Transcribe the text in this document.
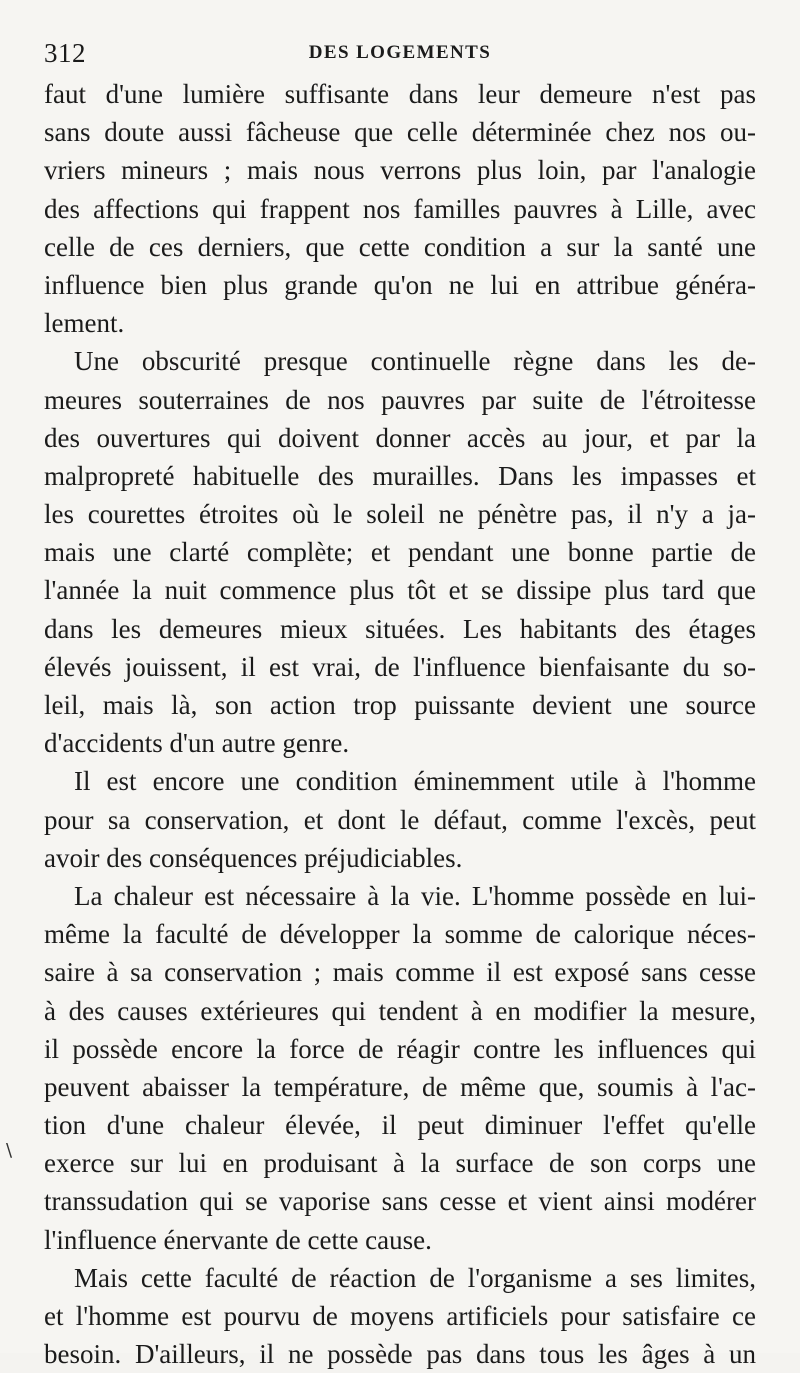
312	DES LOGEMENTS
faut d'une lumière suffisante dans leur demeure n'est pas
sans doute aussi fâcheuse que celle déterminée chez nos ou-
vriers mineurs ; mais nous verrons plus loin, par l'analogie
des affections qui frappent nos familles pauvres à Lille, avec
celle de ces derniers, que cette condition a sur la santé une
influence bien plus grande qu'on ne lui en attribue généra-
lement.
Une obscurité presque continuelle règne dans les de-
meures souterraines de nos pauvres par suite de l'étroitesse
des ouvertures qui doivent donner accès au jour, et par la
malpropreté habituelle des murailles. Dans les impasses et
les courettes étroites où le soleil ne pénètre pas, il n'y a ja-
mais une clarté complète; et pendant une bonne partie de
l'année la nuit commence plus tôt et se dissipe plus tard que
dans les demeures mieux situées. Les habitants des étages
élevés jouissent, il est vrai, de l'influence bienfaisante du so-
leil, mais là, son action trop puissante devient une source
d'accidents d'un autre genre.
Il est encore une condition éminemment utile à l'homme
pour sa conservation, et dont le défaut, comme l'excès, peut
avoir des conséquences préjudiciables.
La chaleur est nécessaire à la vie. L'homme possède en lui-
même la faculté de développer la somme de calorique néces-
saire à sa conservation ; mais comme il est exposé sans cesse
à des causes extérieures qui tendent à en modifier la mesure,
il possède encore la force de réagir contre les influences qui
peuvent abaisser la température, de même que, soumis à l'ac-
tion d'une chaleur élevée, il peut diminuer l'effet qu'elle
exerce sur lui en produisant à la surface de son corps une
transsudation qui se vaporise sans cesse et vient ainsi modérer
l'influence énervante de cette cause.
Mais cette faculté de réaction de l'organisme a ses limites,
et l'homme est pourvu de moyens artificiels pour satisfaire ce
besoin. D'ailleurs, il ne possède pas dans tous les âges à un
\
